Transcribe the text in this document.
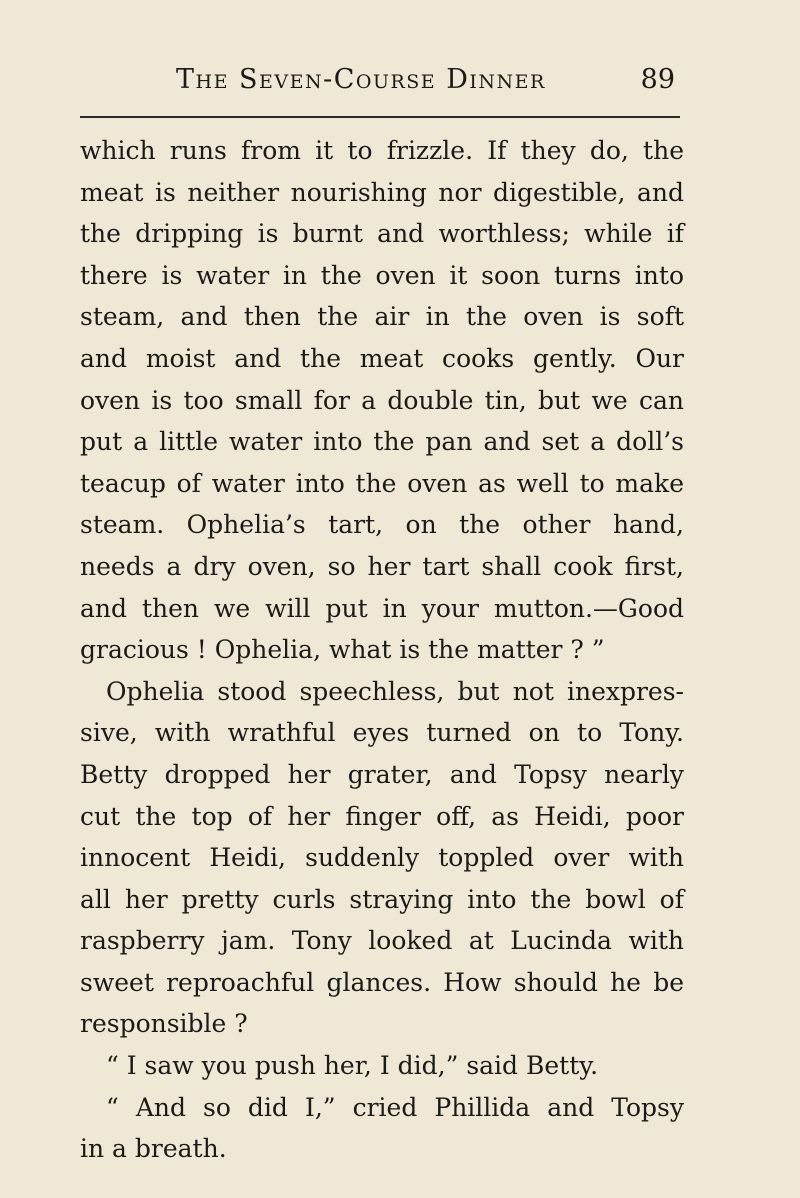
The Seven-Course Dinner	89
which runs from it to frizzle. If they do, the
meat is neither nourishing nor digestible, and
the dripping is burnt and worthless; while if
there is water in the oven it soon turns into
steam, and then the air in the oven is soft
and moist and the meat cooks gently. Our
oven is too small for a double tin, but we can
put a little water into the pan and set a doll’s
teacup of water into the oven as well to make
steam. Ophelia’s tart, on the other hand,
needs a dry oven, so her tart shall cook first,
and then we will put in your mutton.—Good
gracious ! Ophelia, what is the matter ? ”
Ophelia stood speechless, but not inexpres-
sive, with wrathful eyes turned on to Tony.
Betty dropped her grater, and Topsy nearly
cut the top of her finger off, as Heidi, poor
innocent Heidi, suddenly toppled over with
all her pretty curls straying into the bowl of
raspberry jam. Tony looked at Lucinda with
sweet reproachful glances. How should he be
responsible ?
“ I saw you push her, I did,” said Betty.
“ And so did I,” cried Phillida and Topsy
in a breath.
